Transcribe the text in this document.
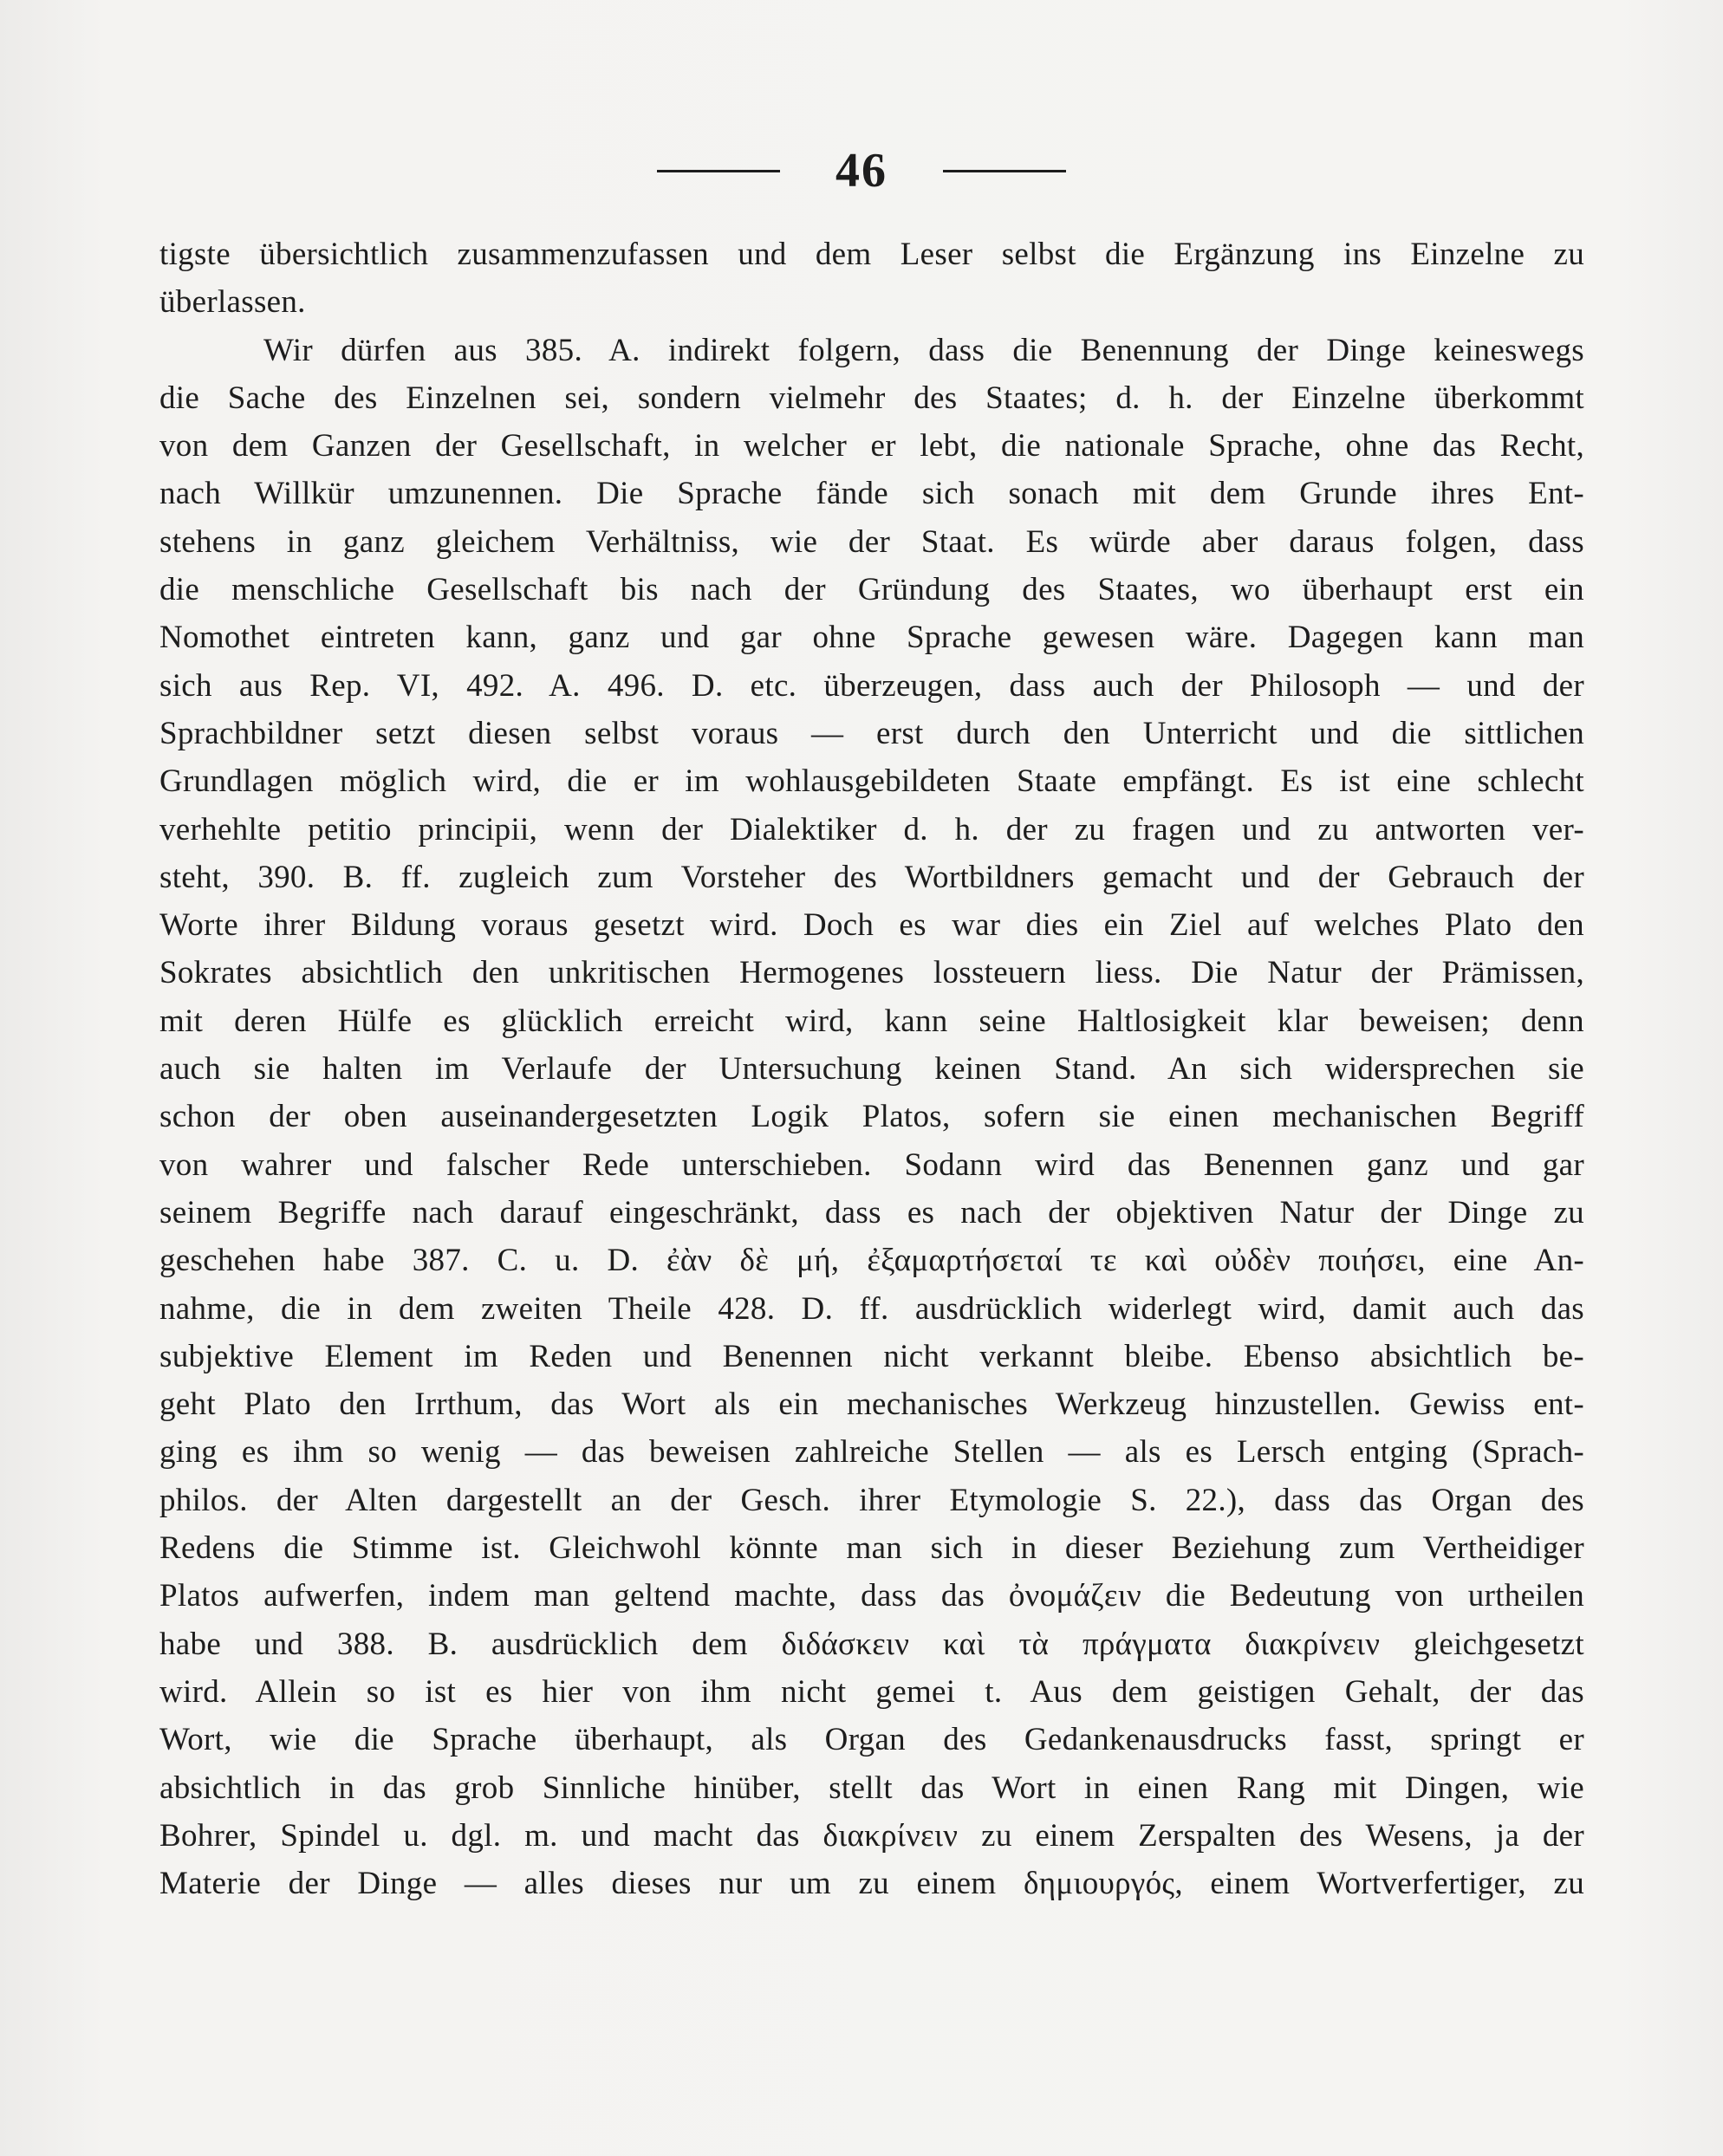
46
tigste übersichtlich zusammenzufassen und dem Leser selbst die Ergänzung ins Einzelne zu
überlassen.
Wir dürfen aus 385. A. indirekt folgern, dass die Benennung der Dinge keineswegs
die Sache des Einzelnen sei, sondern vielmehr des Staates; d. h. der Einzelne überkommt
von dem Ganzen der Gesellschaft, in welcher er lebt, die nationale Sprache, ohne das Recht,
nach Willkür umzunennen. Die Sprache fände sich sonach mit dem Grunde ihres Ent-
stehens in ganz gleichem Verhältniss, wie der Staat. Es würde aber daraus folgen, dass
die menschliche Gesellschaft bis nach der Gründung des Staates, wo überhaupt erst ein
Nomothet eintreten kann, ganz und gar ohne Sprache gewesen wäre. Dagegen kann man
sich aus Rep. VI, 492. A. 496. D. etc. überzeugen, dass auch der Philosoph — und der
Sprachbildner setzt diesen selbst voraus — erst durch den Unterricht und die sittlichen
Grundlagen möglich wird, die er im wohlausgebildeten Staate empfängt. Es ist eine schlecht
verhehlte petitio principii, wenn der Dialektiker d. h. der zu fragen und zu antworten ver-
steht, 390. B. ff. zugleich zum Vorsteher des Wortbildners gemacht und der Gebrauch der
Worte ihrer Bildung voraus gesetzt wird. Doch es war dies ein Ziel auf welches Plato den
Sokrates absichtlich den unkritischen Hermogenes lossteuern liess. Die Natur der Prämissen,
mit deren Hülfe es glücklich erreicht wird, kann seine Haltlosigkeit klar beweisen; denn
auch sie halten im Verlaufe der Untersuchung keinen Stand. An sich widersprechen sie
schon der oben auseinandergesetzten Logik Platos, sofern sie einen mechanischen Begriff
von wahrer und falscher Rede unterschieben. Sodann wird das Benennen ganz und gar
seinem Begriffe nach darauf eingeschränkt, dass es nach der objektiven Natur der Dinge zu
geschehen habe 387. C. u. D. ἐὰν δὲ μή, ἐξαμαρτήσεταί τε καὶ οὐδὲν ποιήσει, eine An-
nahme, die in dem zweiten Theile 428. D. ff. ausdrücklich widerlegt wird, damit auch das
subjektive Element im Reden und Benennen nicht verkannt bleibe. Ebenso absichtlich be-
geht Plato den Irrthum, das Wort als ein mechanisches Werkzeug hinzustellen. Gewiss ent-
ging es ihm so wenig — das beweisen zahlreiche Stellen — als es Lersch entging (Sprach-
philos. der Alten dargestellt an der Gesch. ihrer Etymologie S. 22.), dass das Organ des
Redens die Stimme ist. Gleichwohl könnte man sich in dieser Beziehung zum Vertheidiger
Platos aufwerfen, indem man geltend machte, dass das ὀνομάζειν die Bedeutung von urtheilen
habe und 388. B. ausdrücklich dem διδάσκειν καὶ τὰ πράγματα διακρίνειν gleichgesetzt
wird. Allein so ist es hier von ihm nicht gemei t. Aus dem geistigen Gehalt, der das
Wort, wie die Sprache überhaupt, als Organ des Gedankenausdrucks fasst, springt er
absichtlich in das grob Sinnliche hinüber, stellt das Wort in einen Rang mit Dingen, wie
Bohrer, Spindel u. dgl. m. und macht das διακρίνειν zu einem Zerspalten des Wesens, ja der
Materie der Dinge — alles dieses nur um zu einem δημιουργός, einem Wortverfertiger, zu
